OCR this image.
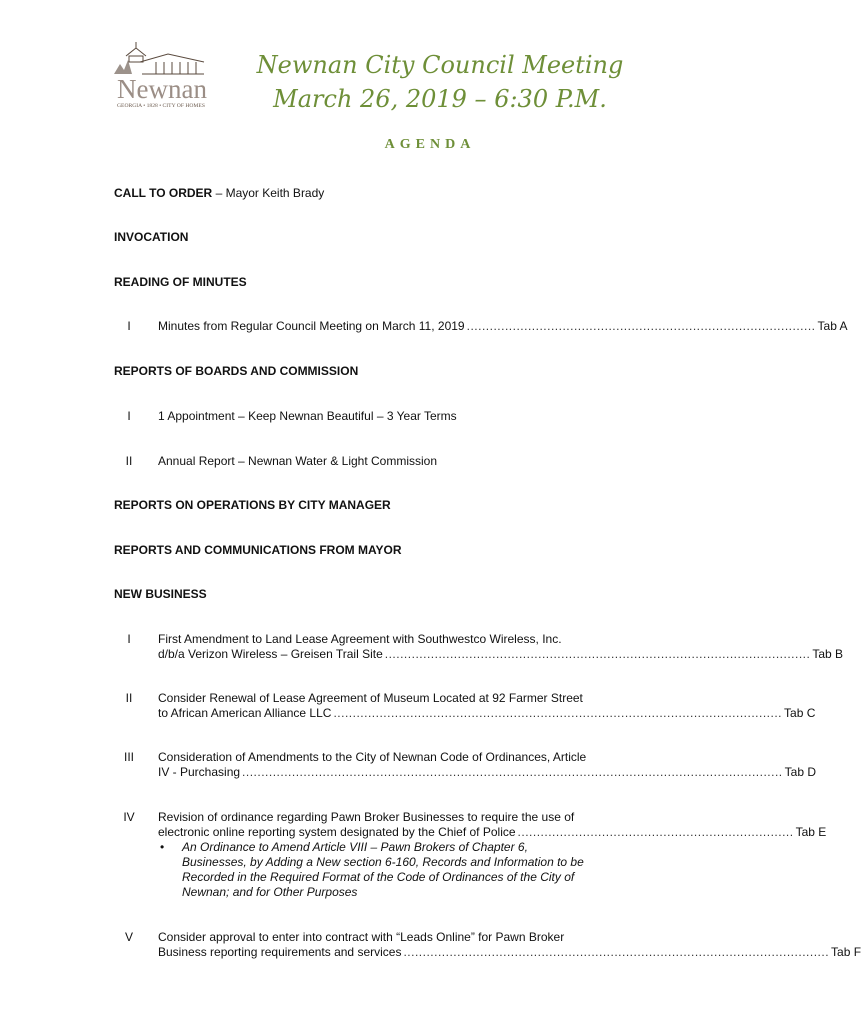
Newnan
GEORGIA • 1828 • CITY OF HOMES
Newnan City Council Meeting
March 26, 2019 – 6:30 P.M.
AGENDA
CALL TO ORDER – Mayor Keith Brady
INVOCATION
READING OF MINUTES
I	Minutes from Regular Council Meeting on March 11, 2019 ........................................................................................... Tab A
REPORTS OF BOARDS AND COMMISSION
I	1 Appointment – Keep Newnan Beautiful – 3 Year Terms
II	Annual Report – Newnan Water & Light Commission
REPORTS ON OPERATIONS BY CITY MANAGER
REPORTS AND COMMUNICATIONS FROM MAYOR
NEW BUSINESS
I	First Amendment to Land Lease Agreement with Southwestco Wireless, Inc.
d/b/a Verizon Wireless – Greisen Trail Site ............................................................................................................... Tab B
II	Consider Renewal of Lease Agreement of Museum Located at 92 Farmer Street
to African American Alliance LLC ..................................................................................................................... Tab C
III	Consideration of Amendments to the City of Newnan Code of Ordinances, Article
IV - Purchasing ............................................................................................................................................. Tab D
IV	Revision of ordinance regarding Pawn Broker Businesses to require the use of
electronic online reporting system designated by the Chief of Police ........................................................................ Tab E
• An Ordinance to Amend Article VIII – Pawn Brokers of Chapter 6,
Businesses, by Adding a New section 6-160, Records and Information to be
Recorded in the Required Format of the Code of Ordinances of the City of
Newnan; and for Other Purposes
V	Consider approval to enter into contract with “Leads Online” for Pawn Broker
Business reporting requirements and services ............................................................................................................... Tab F
